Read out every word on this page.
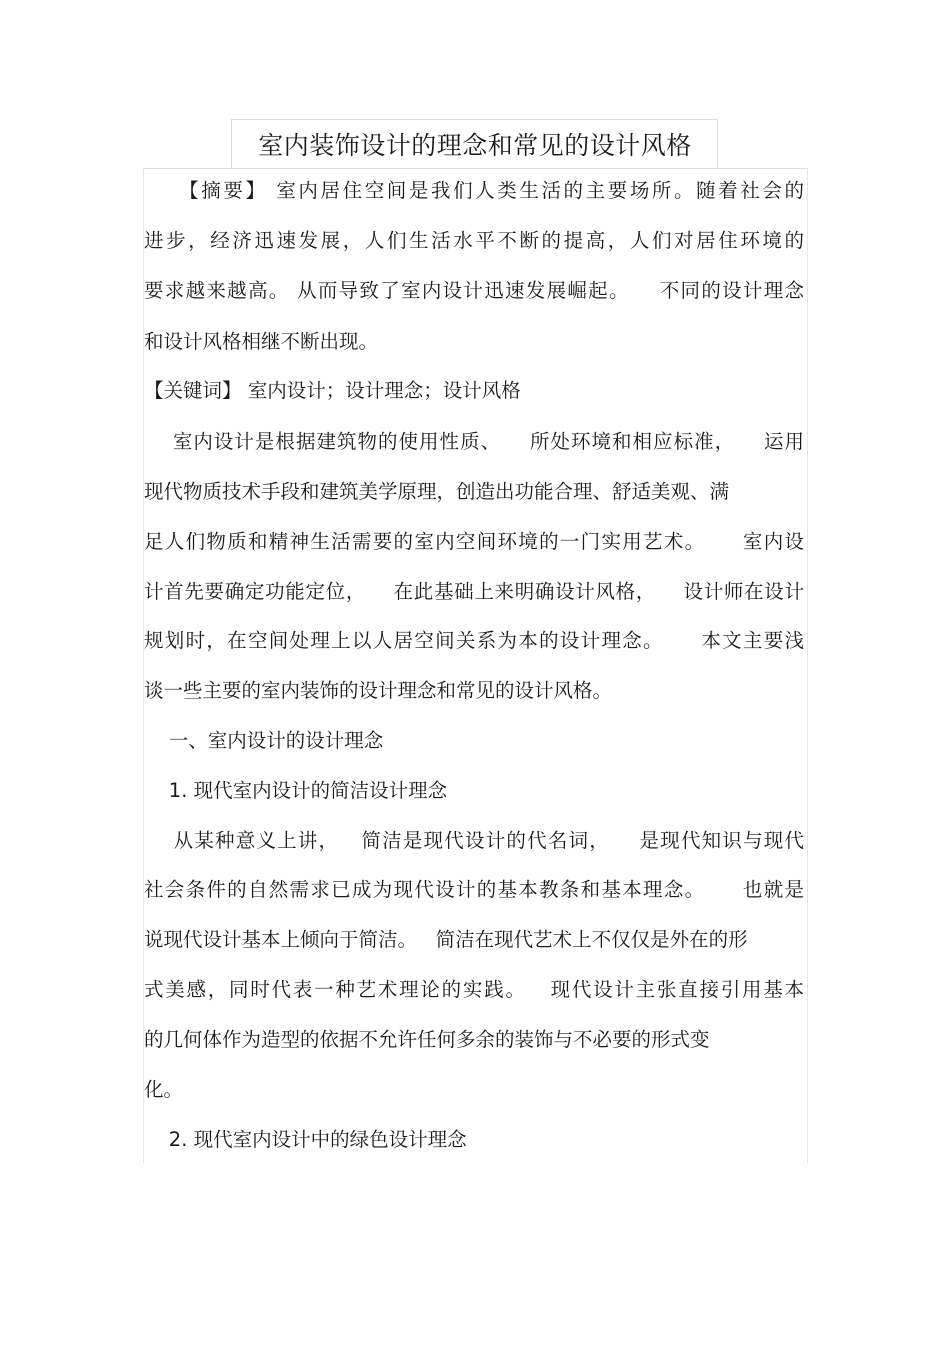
室内装饰设计的理念和常见的设计风格
【摘要】 室内居住空间是我们人类生活的主要场所。随着社会的
进步，经济迅速发展，人们生活水平不断的提高，人们对居住环境的
要求越来越高。 从而导致了室内设计迅速发展崛起。    不同的设计理念
和设计风格相继不断出现。
【关键词】 室内设计；设计理念；设计风格
室内设计是根据建筑物的使用性质、    所处环境和相应标准，    运用
现代物质技术手段和建筑美学原理，创造出功能合理、舒适美观、满
足人们物质和精神生活需要的室内空间环境的一门实用艺术。     室内设
计首先要确定功能定位，    在此基础上来明确设计风格，    设计师在设计
规划时，在空间处理上以人居空间关系为本的设计理念。     本文主要浅
谈一些主要的室内装饰的设计理念和常见的设计风格。
一、室内设计的设计理念
1. 现代室内设计的简洁设计理念
从某种意义上讲，   简洁是现代设计的代名词，    是现代知识与现代
社会条件的自然需求已成为现代设计的基本教条和基本理念。     也就是
说现代设计基本上倾向于简洁。   简洁在现代艺术上不仅仅是外在的形
式美感，同时代表一种艺术理论的实践。   现代设计主张直接引用基本
的几何体作为造型的依据不允许任何多余的装饰与不必要的形式变
化。
2. 现代室内设计中的绿色设计理念
